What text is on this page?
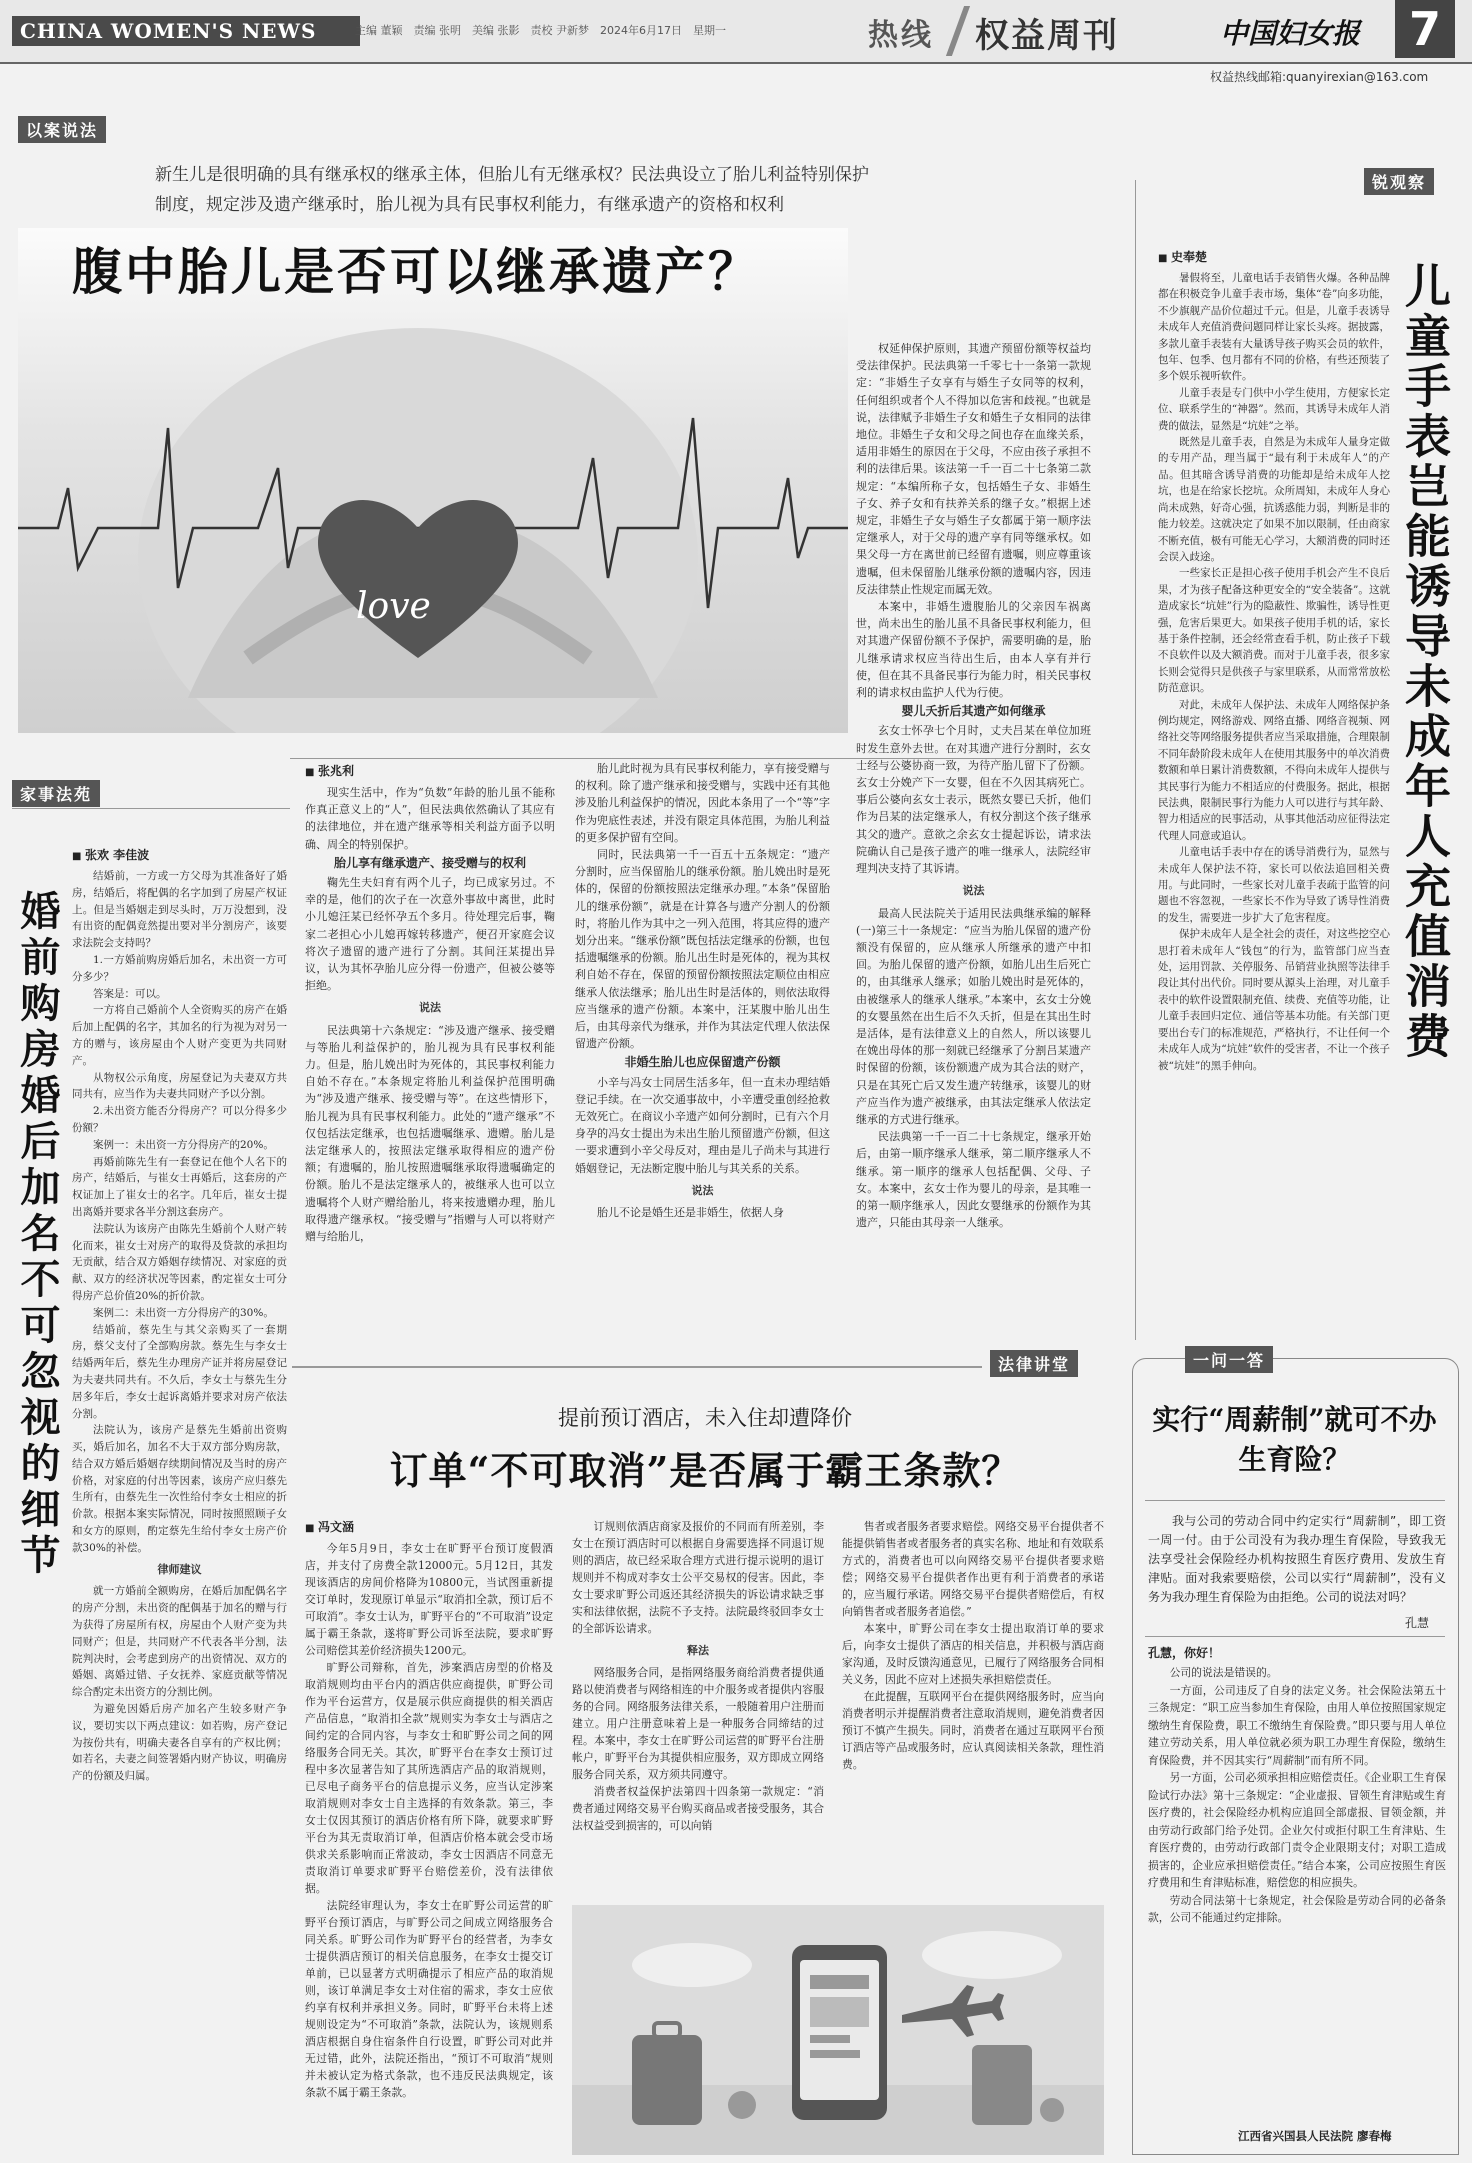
CHINA WOMEN'S NEWS	主编 董颖　责编 张明　美编 张影　责校 尹新梦　2024年6月17日　星期一	热线 权益周刊	中国妇女报	7
权益热线邮箱:quanyirexian@163.com
以案说法
新生儿是很明确的具有继承权的继承主体，但胎儿有无继承权？民法典设立了胎儿利益特别保护制度，规定涉及遗产继承时，胎儿视为具有民事权利能力，有继承遗产的资格和权利
love
腹中胎儿是否可以继承遗产？

权延伸保护原则，其遗产预留份额等权益均受法律保护。民法典第一千零七十一条第一款规定：“非婚生子女享有与婚生子女同等的权利，任何组织或者个人不得加以危害和歧视。”也就是说，法律赋予非婚生子女和婚生子女相同的法律地位。非婚生子女和父母之间也存在血缘关系，适用非婚生的原因在于父母，不应由孩子承担不利的法律后果。该法第一千一百二十七条第二款规定：“本编所称子女，包括婚生子女、非婚生子女、养子女和有扶养关系的继子女。”根据上述规定，非婚生子女与婚生子女都属于第一顺序法定继承人，对于父母的遗产享有同等继承权。如果父母一方在离世前已经留有遗嘱，则应尊重该遗嘱，但未保留胎儿继承份额的遗嘱内容，因违反法律禁止性规定而属无效。

本案中，非婚生遗腹胎儿的父亲因车祸离世，尚未出生的胎儿虽不具备民事权利能力，但对其遗产保留份额不予保护，需要明确的是，胎儿继承请求权应当待出生后，由本人享有并行使，但在其不具备民事行为能力时，相关民事权利的请求权由监护人代为行使。

婴儿夭折后其遗产如何继承

玄女士怀孕七个月时，丈夫吕某在单位加班时发生意外去世。在对其遗产进行分割时，玄女士经与公婆协商一致，为待产胎儿留下了份额。玄女士分娩产下一女婴，但在不久因其病死亡。事后公婆向玄女士表示，既然女婴已夭折，他们作为吕某的法定继承人，有权分割这个孩子继承其父的遗产。意欲之余玄女士提起诉讼，请求法院确认自己是孩子遗产的唯一继承人，法院经审理判决支持了其诉请。

说法

最高人民法院关于适用民法典继承编的解释(一)第三十一条规定：“应当为胎儿保留的遗产份额没有保留的，应从继承人所继承的遗产中扣回。为胎儿保留的遗产份额，如胎儿出生后死亡的，由其继承人继承；如胎儿娩出时是死体的，由被继承人的继承人继承。”本案中，玄女士分娩的女婴虽然在出生后不久夭折，但是在其出生时是活体，是有法律意义上的自然人，所以该婴儿在娩出母体的那一刻就已经继承了分割吕某遗产时保留的份额，该份额遗产成为其合法的财产，只是在其死亡后又发生遗产转继承，该婴儿的财产应当作为遗产被继承，由其法定继承人依法定继承的方式进行继承。

民法典第一千一百二十七条规定，继承开始后，由第一顺序继承人继承，第二顺序继承人不继承。第一顺序的继承人包括配偶、父母、子女。本案中，玄女士作为婴儿的母亲，是其唯一的第一顺序继承人，因此女婴继承的份额作为其遗产，只能由其母亲一人继承。

■ 张兆利

现实生活中，作为“负数”年龄的胎儿虽不能称作真正意义上的“人”，但民法典依然确认了其应有的法律地位，并在遗产继承等相关利益方面予以明确、周全的特别保护。

胎儿享有继承遗产、接受赠与的权利

鞠先生夫妇育有两个儿子，均已成家另过。不幸的是，他们的次子在一次意外事故中离世，此时小儿媳汪某已经怀孕五个多月。待处理完后事，鞠家二老担心小儿媳再嫁转移遗产，便召开家庭会议将次子遗留的遗产进行了分割。其间汪某提出异议，认为其怀孕胎儿应分得一份遗产，但被公婆等拒绝。

说法

民法典第十六条规定：“涉及遗产继承、接受赠与等胎儿利益保护的，胎儿视为具有民事权利能力。但是，胎儿娩出时为死体的，其民事权利能力自始不存在。”本条规定将胎儿利益保护范围明确为“涉及遗产继承、接受赠与等”。在这些情形下，胎儿视为具有民事权利能力。此处的“遗产继承”不仅包括法定继承，也包括遗嘱继承、遗赠。胎儿是法定继承人的，按照法定继承取得相应的遗产份额；有遗嘱的，胎儿按照遗嘱继承取得遗嘱确定的份额。胎儿不是法定继承人的，被继承人也可以立遗嘱将个人财产赠给胎儿，将来按遗赠办理，胎儿取得遗产继承权。“接受赠与”指赠与人可以将财产赠与给胎儿，

胎儿此时视为具有民事权利能力，享有接受赠与的权利。除了遗产继承和接受赠与，实践中还有其他涉及胎儿利益保护的情况，因此本条用了一个“等”字作为兜底性表述，并没有限定具体范围，为胎儿利益的更多保护留有空间。

同时，民法典第一千一百五十五条规定：“遗产分割时，应当保留胎儿的继承份额。胎儿娩出时是死体的，保留的份额按照法定继承办理。”本条“保留胎儿的继承份额”，就是在计算各与遗产分割人的份额时，将胎儿作为其中之一列入范围，将其应得的遗产划分出来。“继承份额”既包括法定继承的份额，也包括遗嘱继承的份额。胎儿出生时是死体的，视为其权利自始不存在，保留的预留份额按照法定顺位由相应继承人依法继承；胎儿出生时是活体的，则依法取得应当继承的遗产份额。本案中，汪某腹中胎儿出生后，由其母亲代为继承，并作为其法定代理人依法保留遗产份额。

非婚生胎儿也应保留遗产份额

小辛与冯女士同居生活多年，但一直未办理结婚登记手续。在一次交通事故中，小辛遭受重创经抢救无效死亡。在商议小辛遗产如何分割时，已有六个月身孕的冯女士提出为未出生胎儿预留遗产份额，但这一要求遭到小辛父母反对，理由是儿子尚未与其进行婚姻登记，无法断定腹中胎儿与其关系的关系。

说法

胎儿不论是婚生还是非婚生，依据人身

锐观察
■ 史奉楚
儿童手表岂能诱导未成年人充值消费

暑假将至，儿童电话手表销售火爆。各种品牌都在积极竞争儿童手表市场，集体“卷”向多功能，不少旗舰产品价位超过千元。但是，儿童手表诱导未成年人充值消费问题同样让家长头疼。据披露，多款儿童手表装有大量诱导孩子购买会员的软件，包年、包季、包月都有不同的价格，有些还预装了多个娱乐视听软件。

儿童手表是专门供中小学生使用，方便家长定位、联系学生的“神器”。然而，其诱导未成年人消费的做法，显然是“坑娃”之举。

既然是儿童手表，自然是为未成年人量身定做的专用产品，理当属于“最有利于未成年人”的产品。但其暗含诱导消费的功能却是给未成年人挖坑，也是在给家长挖坑。众所周知，未成年人身心尚未成熟，好奇心强，抗诱惑能力弱，判断是非的能力较差。这就决定了如果不加以限制，任由商家不断充值，极有可能无心学习，大额消费的同时还会误入歧途。

一些家长正是担心孩子使用手机会产生不良后果，才为孩子配备这种更安全的“安全装备”。这就造成家长“坑娃”行为的隐蔽性、欺骗性，诱导性更强，危害后果更大。如果孩子使用手机的话，家长基于条件控制，还会经常查看手机，防止孩子下载不良软件以及大额消费。而对于儿童手表，很多家长则会觉得只是供孩子与家里联系，从而常常放松防范意识。

对此，未成年人保护法、未成年人网络保护条例均规定，网络游戏、网络直播、网络音视频、网络社交等网络服务提供者应当采取措施，合理限制不同年龄阶段未成年人在使用其服务中的单次消费数额和单日累计消费数额，不得向未成年人提供与其民事行为能力不相适应的付费服务。据此，根据民法典，限制民事行为能力人可以进行与其年龄、智力相适应的民事活动，从事其他活动应征得法定代理人同意或追认。

儿童电话手表中存在的诱导消费行为，显然与未成年人保护法不符，家长可以依法追回相关费用。与此同时，一些家长对儿童手表疏于监管的问题也不容忽视，一些家长不作为导致了诱导性消费的发生，需要进一步扩大了危害程度。

保护未成年人是全社会的责任，对这些挖空心思打着未成年人“钱包”的行为，监管部门应当查处，运用罚款、关停服务、吊销营业执照等法律手段让其付出代价。同时要从源头上治理，对儿童手表中的软件设置限制充值、续费、充值等功能，让儿童手表回归定位、通信等基本功能。有关部门更要出台专门的标准规范，严格执行，不让任何一个未成年人成为“坑娃”软件的受害者，不让一个孩子被“坑娃”的黑手伸向。

家事法苑
■ 张欢 李佳波
婚前购房婚后加名不可忽视的细节

结婚前，一方或一方父母为其准备好了婚房，结婚后，将配偶的名字加到了房屋产权证上。但是当婚姻走到尽头时，万万没想到，没有出资的配偶竟然提出要对半分割房产，该要求法院会支持吗？

1.一方婚前购房婚后加名，未出资一方可分多少？

答案是：可以。

一方将自己婚前个人全资购买的房产在婚后加上配偶的名字，其加名的行为视为对另一方的赠与，该房屋由个人财产变更为共同财产。

从物权公示角度，房屋登记为夫妻双方共同共有，应当作为夫妻共同财产予以分割。

2.未出资方能否分得房产？可以分得多少份额？

案例一：未出资一方分得房产的20%。

再婚前陈先生有一套登记在他个人名下的房产，结婚后，与崔女士再婚后，这套房的产权证加上了崔女士的名字。几年后，崔女士提出离婚并要求各半分割这套房产。

法院认为该房产由陈先生婚前个人财产转化而来，崔女士对房产的取得及贷款的承担均无贡献，结合双方婚姻存续情况、对家庭的贡献、双方的经济状况等因素，酌定崔女士可分得房产总价值20%的折价款。

案例二：未出资一方分得房产的30%。

结婚前，蔡先生与其父亲购买了一套期房，蔡父支付了全部购房款。蔡先生与李女士结婚两年后，蔡先生办理房产证并将房屋登记为夫妻共同共有。不久后，李女士与蔡先生分居多年后，李女士起诉离婚并要求对房产依法分割。

法院认为，该房产是蔡先生婚前出资购买，婚后加名，加名不大于双方部分购房款，结合双方婚后婚姻存续期间情况及当时的房产价格，对家庭的付出等因素，该房产应归蔡先生所有，由蔡先生一次性给付李女士相应的折价款。根据本案实际情况，同时按照照顾子女和女方的原则，酌定蔡先生给付李女士房产价款30%的补偿。

律师建议

就一方婚前全额购房，在婚后加配偶名字的房产分割，未出资的配偶基于加名的赠与行为获得了房屋所有权，房屋由个人财产变为共同财产；但是，共同财产不代表各半分割，法院判决时，会考虑到房产的出资情况、双方的婚姻、离婚过错、子女抚养、家庭贡献等情况综合酌定未出资方的分割比例。

为避免因婚后房产加名产生较多财产争议，要切实以下两点建议：如若购，房产登记为按份共有，明确夫妻各自享有的产权比例；如若名，夫妻之间签署婚内财产协议，明确房产的份额及归属。

法律讲堂
提前预订酒店，未入住却遭降价
订单“不可取消”是否属于霸王条款？
■ 冯文涵

今年5月9日，李女士在旷野平台预订度假酒店，并支付了房费全款12000元。5月12日，其发现该酒店的房间价格降为10800元，当试图重新提交订单时，发现原订单显示“取消扣全款，预订后不可取消”。李女士认为，旷野平台的“不可取消”设定属于霸王条款，遂将旷野公司诉至法院，要求旷野公司赔偿其差价经济损失1200元。

旷野公司辩称，首先，涉案酒店房型的价格及取消规则均由平台内的酒店供应商提供，旷野公司作为平台运营方，仅是展示供应商提供的相关酒店产品信息，“取消扣全款”规则实为李女士与酒店之间约定的合同内容，与李女士和旷野公司之间的网络服务合同无关。其次，旷野平台在李女士预订过程中多次显著告知了其所选酒店产品的取消规则，已尽电子商务平台的信息提示义务，应当认定涉案取消规则对李女士自主选择的有效条款。第三，李女士仅因其预订的酒店价格有所下降，就要求旷野平台为其无责取消订单，但酒店价格本就会受市场供求关系影响而正常波动，李女士因酒店不同意无责取消订单要求旷野平台赔偿差价，没有法律依据。

法院经审理认为，李女士在旷野公司运营的旷野平台预订酒店，与旷野公司之间成立网络服务合同关系。旷野公司作为旷野平台的经营者，为李女士提供酒店预订的相关信息服务，在李女士提交订单前，已以显著方式明确提示了相应产品的取消规则，该订单满足李女士对住宿的需求，李女士应依约享有权利并承担义务。同时，旷野平台未将上述规则设定为“不可取消”条款，法院认为，该规则系酒店根据自身住宿条件自行设置，旷野公司对此并无过错，此外，法院还指出，“预订不可取消”规则并未被认定为格式条款，也不违反民法典规定，该条款不属于霸王条款。

订规则依酒店商家及报价的不同而有所差别，李女士在预订酒店时可以根据自身需要选择不同退订规则的酒店，故已经采取合理方式进行提示说明的退订规则并不构成对李女士公平交易权的侵害。因此，李女士要求旷野公司返还其经济损失的诉讼请求缺乏事实和法律依据，法院不予支持。法院最终驳回李女士的全部诉讼请求。

释法

网络服务合同，是指网络服务商给消费者提供通路以使消费者与网络相连的中介服务或者提供内容服务的合同。网络服务法律关系，一般随着用户注册而建立。用户注册意味着上是一种服务合同缔结的过程。本案中，李女士在旷野公司运营的旷野平台注册帐户，旷野平台为其提供相应服务，双方即成立网络服务合同关系，双方须共同遵守。

消费者权益保护法第四十四条第一款规定：“消费者通过网络交易平台购买商品或者接受服务，其合法权益受到损害的，可以向销

售者或者服务者要求赔偿。网络交易平台提供者不能提供销售者或者服务者的真实名称、地址和有效联系方式的，消费者也可以向网络交易平台提供者要求赔偿；网络交易平台提供者作出更有利于消费者的承诺的，应当履行承诺。网络交易平台提供者赔偿后，有权向销售者或者服务者追偿。”

本案中，旷野公司在李女士提出取消订单的要求后，向李女士提供了酒店的相关信息，并积极与酒店商家沟通，及时反馈沟通意见，已履行了网络服务合同相关义务，因此不应对上述损失承担赔偿责任。

在此提醒，互联网平台在提供网络服务时，应当向消费者明示并提醒消费者注意取消规则，避免消费者因预订不慎产生损失。同时，消费者在通过互联网平台预订酒店等产品或服务时，应认真阅读相关条款，理性消费。

一问一答
实行“周薪制”就可不办生育险？
我与公司的劳动合同中约定实行“周薪制”，即工资一周一付。由于公司没有为我办理生育保险，导致我无法享受社会保险经办机构按照生育医疗费用、发放生育津贴。面对我索要赔偿，公司以实行“周薪制”，没有义务为我办理生育保险为由拒绝。公司的说法对吗？
孔慧
孔慧，你好！

公司的说法是错误的。

一方面，公司违反了自身的法定义务。社会保险法第五十三条规定：“职工应当参加生育保险，由用人单位按照国家规定缴纳生育保险费，职工不缴纳生育保险费。”即只要与用人单位建立劳动关系，用人单位就必须为职工办理生育保险，缴纳生育保险费，并不因其实行“周薪制”而有所不同。

另一方面，公司必须承担相应赔偿责任。《企业职工生育保险试行办法》第十三条规定：“企业虚报、冒领生育津贴或生育医疗费的，社会保险经办机构应追回全部虚报、冒领金额，并由劳动行政部门给予处罚。企业欠付或拒付职工生育津贴、生育医疗费的，由劳动行政部门责令企业限期支付；对职工造成损害的，企业应承担赔偿责任。”结合本案，公司应按照生育医疗费用和生育津贴标准，赔偿您的相应损失。

劳动合同法第十七条规定，社会保险是劳动合同的必备条款，公司不能通过约定排除。

江西省兴国县人民法院 廖春梅
